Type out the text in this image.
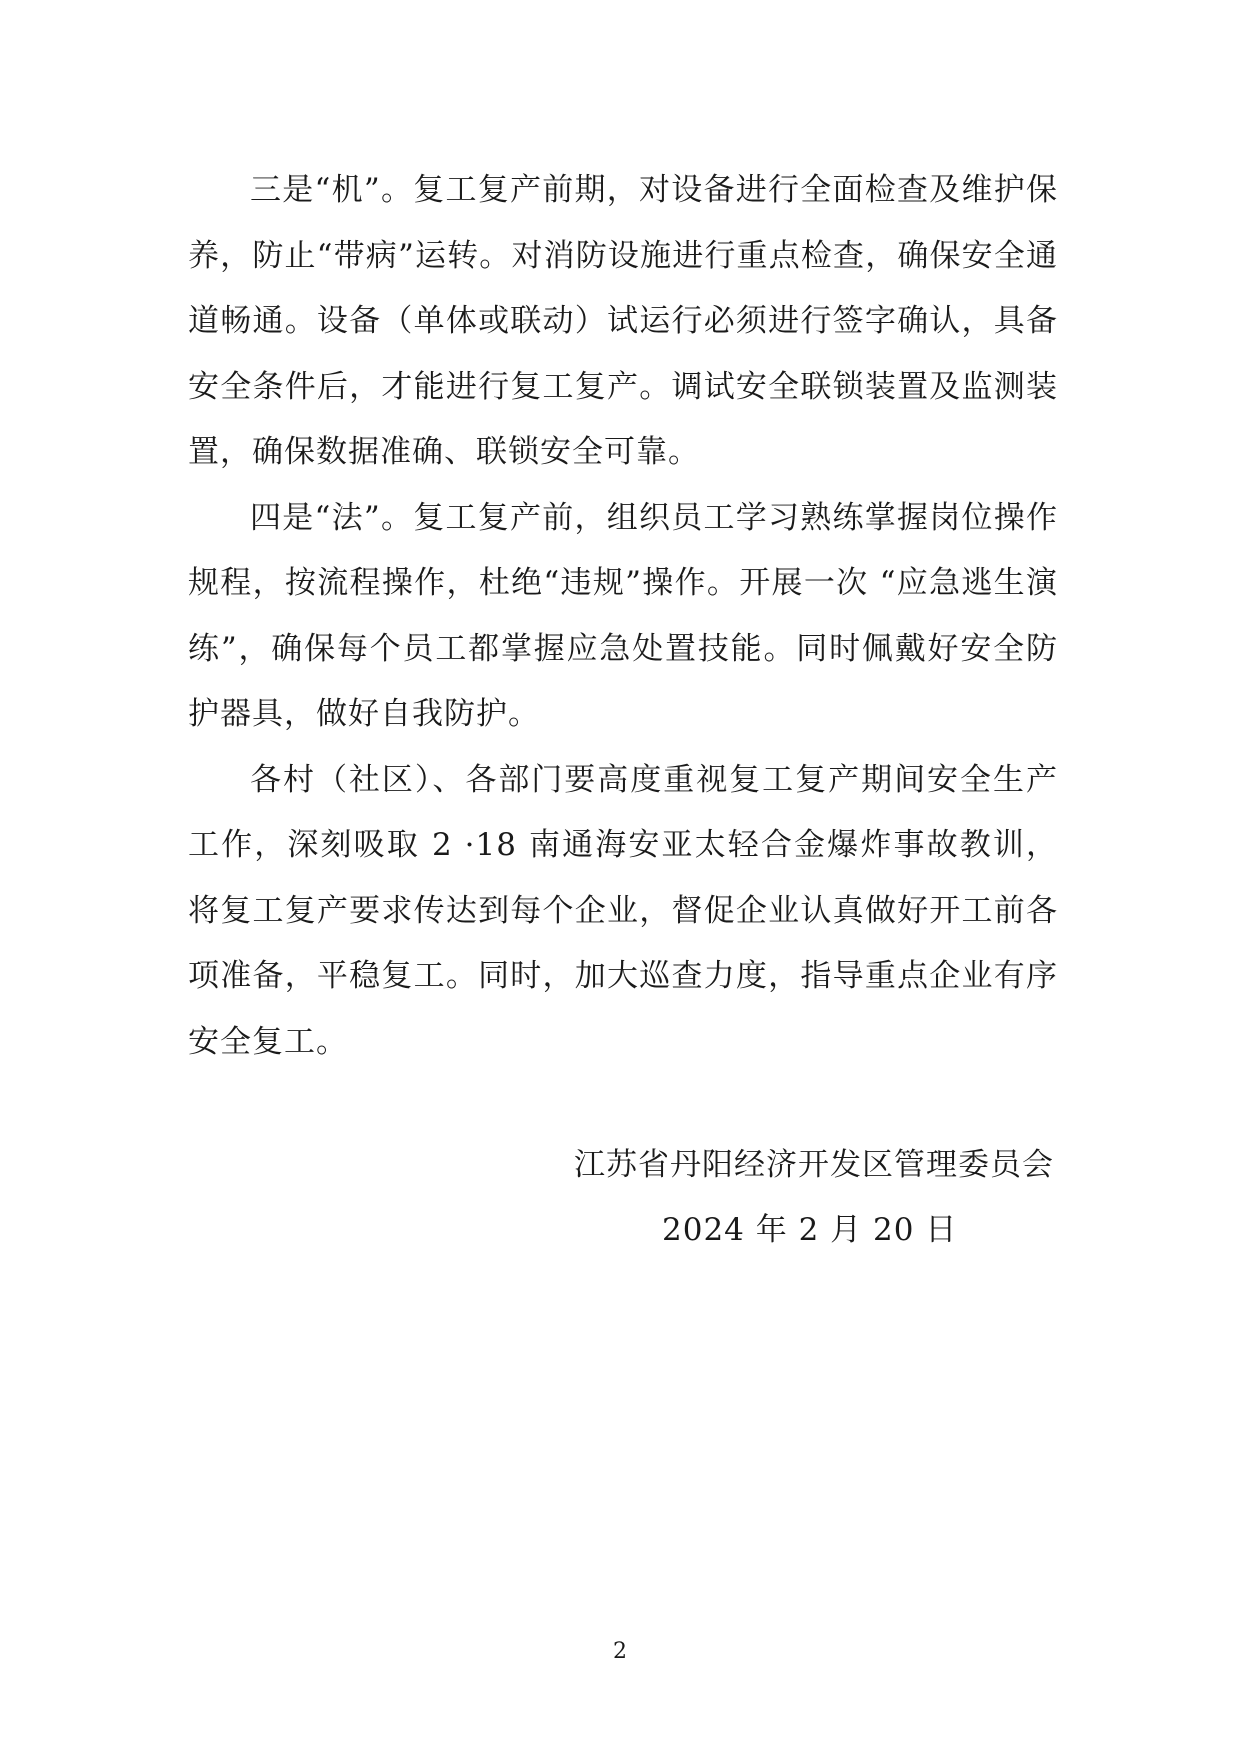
三是“机”。复工复产前期，对设备进行全面检查及维护保养，防止“带病”运转。对消防设施进行重点检查，确保安全通道畅通。设备（单体或联动）试运行必须进行签字确认，具备安全条件后，才能进行复工复产。调试安全联锁装置及监测装置，确保数据准确、联锁安全可靠。

四是“法”。复工复产前，组织员工学习熟练掌握岗位操作规程，按流程操作，杜绝“违规”操作。开展一次 “应急逃生演练”，确保每个员工都掌握应急处置技能。同时佩戴好安全防护器具，做好自我防护。

各村（社区）、各部门要高度重视复工复产期间安全生产工作，深刻吸取 2 ·18 南通海安亚太轻合金爆炸事故教训，将复工复产要求传达到每个企业，督促企业认真做好开工前各项准备，平稳复工。同时，加大巡查力度，指导重点企业有序安全复工。

江苏省丹阳经济开发区管理委员会
2024 年 2 月 20 日
2
